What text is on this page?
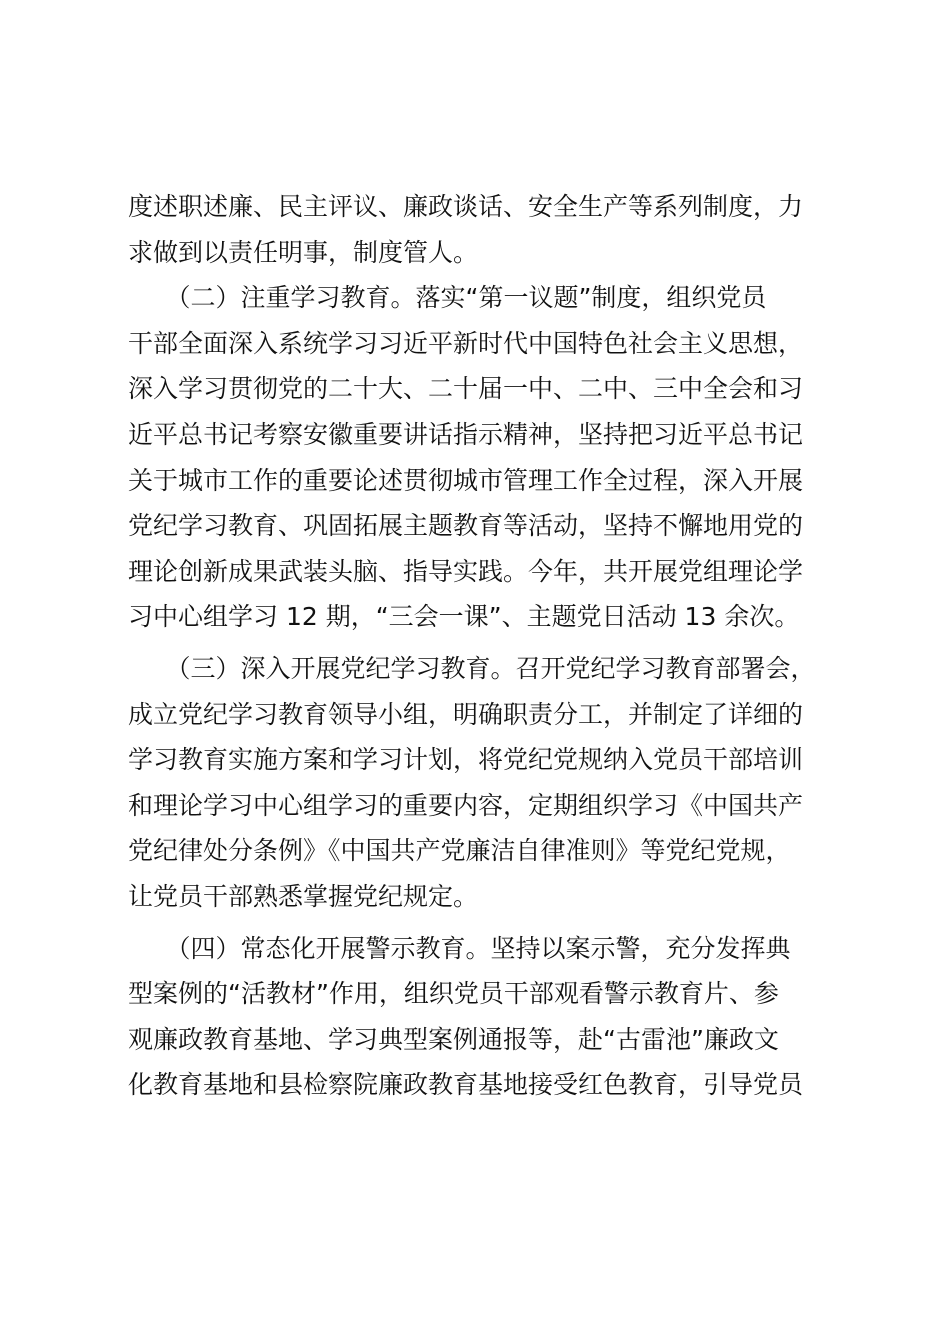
度述职述廉、民主评议、廉政谈话、安全生产等系列制度，力
求做到以责任明事，制度管人。
　　（二）注重学习教育。落实“第一议题”制度，组织党员
干部全面深入系统学习习近平新时代中国特色社会主义思想，
深入学习贯彻党的二十大、二十届一中、二中、三中全会和习
近平总书记考察安徽重要讲话指示精神，坚持把习近平总书记
关于城市工作的重要论述贯彻城市管理工作全过程，深入开展
党纪学习教育、巩固拓展主题教育等活动，坚持不懈地用党的
理论创新成果武装头脑、指导实践。今年，共开展党组理论学
习中心组学习 12 期，“三会一课”、主题党日活动 13 余次。
　　（三）深入开展党纪学习教育。召开党纪学习教育部署会，
成立党纪学习教育领导小组，明确职责分工，并制定了详细的
学习教育实施方案和学习计划，将党纪党规纳入党员干部培训
和理论学习中心组学习的重要内容，定期组织学习《中国共产
党纪律处分条例》《中国共产党廉洁自律准则》等党纪党规，
让党员干部熟悉掌握党纪规定。
　　（四）常态化开展警示教育。坚持以案示警，充分发挥典
型案例的“活教材”作用，组织党员干部观看警示教育片、参
观廉政教育基地、学习典型案例通报等，赴“古雷池”廉政文
化教育基地和县检察院廉政教育基地接受红色教育，引导党员
